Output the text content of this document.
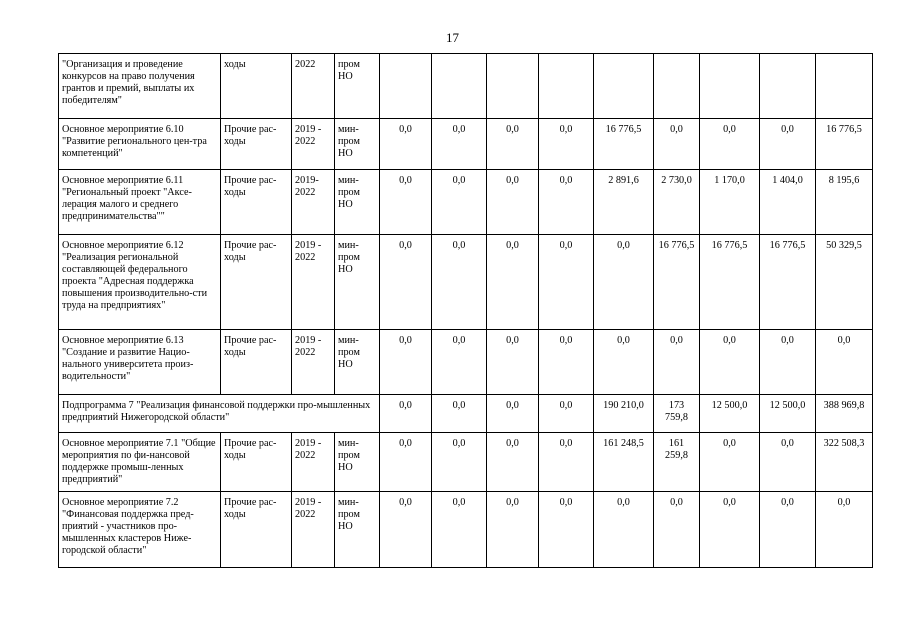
17
"Организация и проведение конкурсов на право получения грантов и премий, выплаты их победителям"	ходы	2022	пром НО									
Основное мероприятие 6.10 "Развитие регионального цен-тра компетенций"	Прочие рас-ходы	2019 - 2022	мин-пром НО	0,0	0,0	0,0	0,0	16 776,5	0,0	0,0	0,0	16 776,5
Основное мероприятие 6.11 "Региональный проект "Аксе-лерация малого и среднего предпринимательства""	Прочие рас-ходы	2019-2022	мин-пром НО	0,0	0,0	0,0	0,0	2 891,6	2 730,0	1 170,0	1 404,0	8 195,6
Основное мероприятие 6.12 "Реализация региональной составляющей федерального проекта "Адресная поддержка повышения производительно-сти труда на предприятиях"	Прочие рас-ходы	2019 - 2022	мин-пром НО	0,0	0,0	0,0	0,0	0,0	16 776,5	16 776,5	16 776,5	50 329,5
Основное мероприятие 6.13 "Создание и развитие Нацио-нального университета произ-водительности"	Прочие рас-ходы	2019 - 2022	мин-пром НО	0,0	0,0	0,0	0,0	0,0	0,0	0,0	0,0	0,0
Подпрограмма 7 "Реализация финансовой поддержки про-мышленных предприятий Нижегородской области"				0,0	0,0	0,0	0,0	190 210,0	173 759,8	12 500,0	12 500,0	388 969,8
Основное мероприятие 7.1 "Общие мероприятия по фи-нансовой поддержке промыш-ленных предприятий"	Прочие рас-ходы	2019 - 2022	мин-пром НО	0,0	0,0	0,0	0,0	161 248,5	161 259,8	0,0	0,0	322 508,3
Основное мероприятие 7.2 "Финансовая поддержка пред-приятий - участников про-мышленных кластеров Ниже-городской области"	Прочие рас-ходы	2019 - 2022	мин-пром НО	0,0	0,0	0,0	0,0	0,0	0,0	0,0	0,0	0,0
